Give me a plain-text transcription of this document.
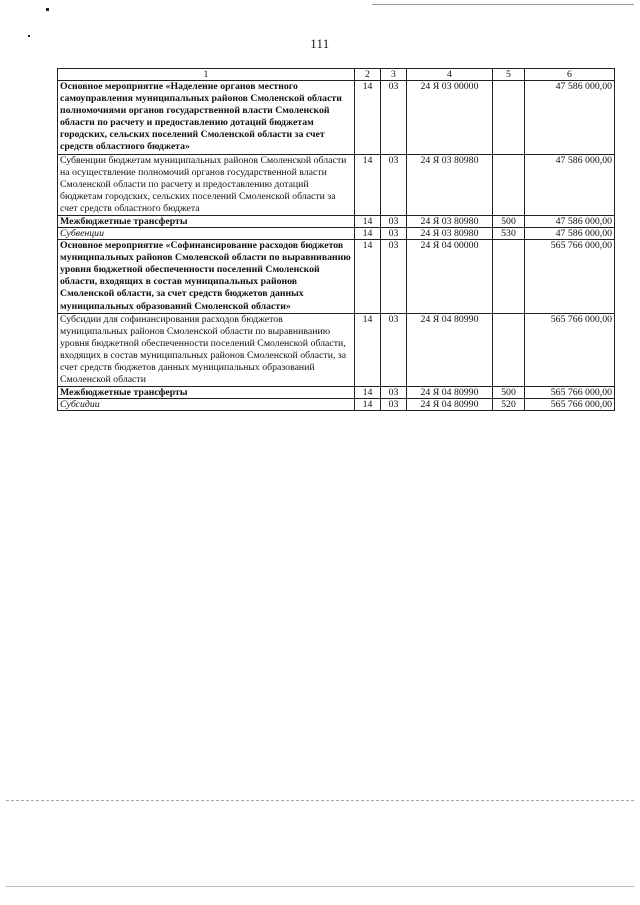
111
1	2	3	4	5	6
Основное мероприятие «Наделение органов местного самоуправления муниципальных районов Смоленской области полномочиями органов государственной власти Смоленской области по расчету и предоставлению дотаций бюджетам городских, сельских поселений Смоленской области за счет средств областного бюджета»	14	03	24 Я 03 00000		47 586 000,00
Субвенции бюджетам муниципальных районов Смоленской области на осуществление полномочий органов государственной власти Смоленской области по расчету и предоставлению дотаций бюджетам городских, сельских поселений Смоленской области за счет средств областного бюджета	14	03	24 Я 03 80980		47 586 000,00
Межбюджетные трансферты	14	03	24 Я 03 80980	500	47 586 000,00
Субвенции	14	03	24 Я 03 80980	530	47 586 000,00
Основное мероприятие «Софинансирование расходов бюджетов муниципальных районов Смоленской области по выравниванию уровня бюджетной обеспеченности поселений Смоленской области, входящих в состав муниципальных районов Смоленской области, за счет средств бюджетов данных муниципальных образований Смоленской области»	14	03	24 Я 04 00000		565 766 000,00
Субсидии для софинансирования расходов бюджетов муниципальных районов Смоленской области по выравниванию уровня бюджетной обеспеченности поселений Смоленской области, входящих в состав муниципальных районов Смоленской области, за счет средств бюджетов данных муниципальных образований Смоленской области	14	03	24 Я 04 80990		565 766 000,00
Межбюджетные трансферты	14	03	24 Я 04 80990	500	565 766 000,00
Субсидии	14	03	24 Я 04 80990	520	565 766 000,00
